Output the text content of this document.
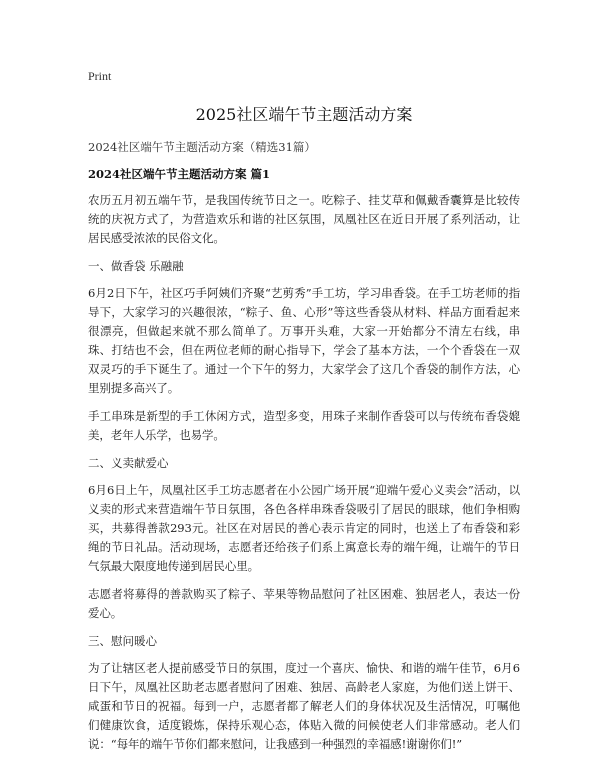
Print
2025社区端午节主题活动方案
2024社区端午节主题活动方案（精选31篇）
2024社区端午节主题活动方案 篇1
农历五月初五端午节，是我国传统节日之一。吃粽子、挂艾草和佩戴香囊算是比较传统的庆祝方式了，为营造欢乐和谐的社区氛围，凤凰社区在近日开展了系列活动，让居民感受浓浓的民俗文化。
一、做香袋 乐融融
6月2日下午，社区巧手阿姨们齐聚“艺剪秀”手工坊，学习串香袋。在手工坊老师的指导下，大家学习的兴趣很浓，“粽子、鱼、心形”等这些香袋从材料、样品方面看起来很漂亮，但做起来就不那么简单了。万事开头难，大家一开始都分不清左右线，串珠、打结也不会，但在两位老师的耐心指导下，学会了基本方法，一个个香袋在一双双灵巧的手下诞生了。通过一个下午的努力，大家学会了这几个香袋的制作方法，心里别提多高兴了。
手工串珠是新型的手工休闲方式，造型多变，用珠子来制作香袋可以与传统布香袋媲美，老年人乐学，也易学。
二、义卖献爱心
6月6日上午，凤凰社区手工坊志愿者在小公园广场开展“迎端午爱心义卖会”活动，以义卖的形式来营造端午节日氛围，各色各样串珠香袋吸引了居民的眼球，他们争相购买，共募得善款293元。社区在对居民的善心表示肯定的同时，也送上了布香袋和彩绳的节日礼品。活动现场，志愿者还给孩子们系上寓意长寿的端午绳，让端午的节日气氛最大限度地传递到居民心里。
志愿者将募得的善款购买了粽子、苹果等物品慰问了社区困难、独居老人，表达一份爱心。
三、慰问暖心
为了让辖区老人提前感受节日的氛围，度过一个喜庆、愉快、和谐的端午佳节，6月6日下午，凤凰社区助老志愿者慰问了困难、独居、高龄老人家庭，为他们送上饼干、咸蛋和节日的祝福。每到一户，志愿者都了解老人们的身体状况及生活情况，叮嘱他们健康饮食，适度锻炼，保持乐观心态，体贴入微的问候使老人们非常感动。老人们说：“每年的端午节你们都来慰问，让我感到一种强烈的幸福感!谢谢你们!”
